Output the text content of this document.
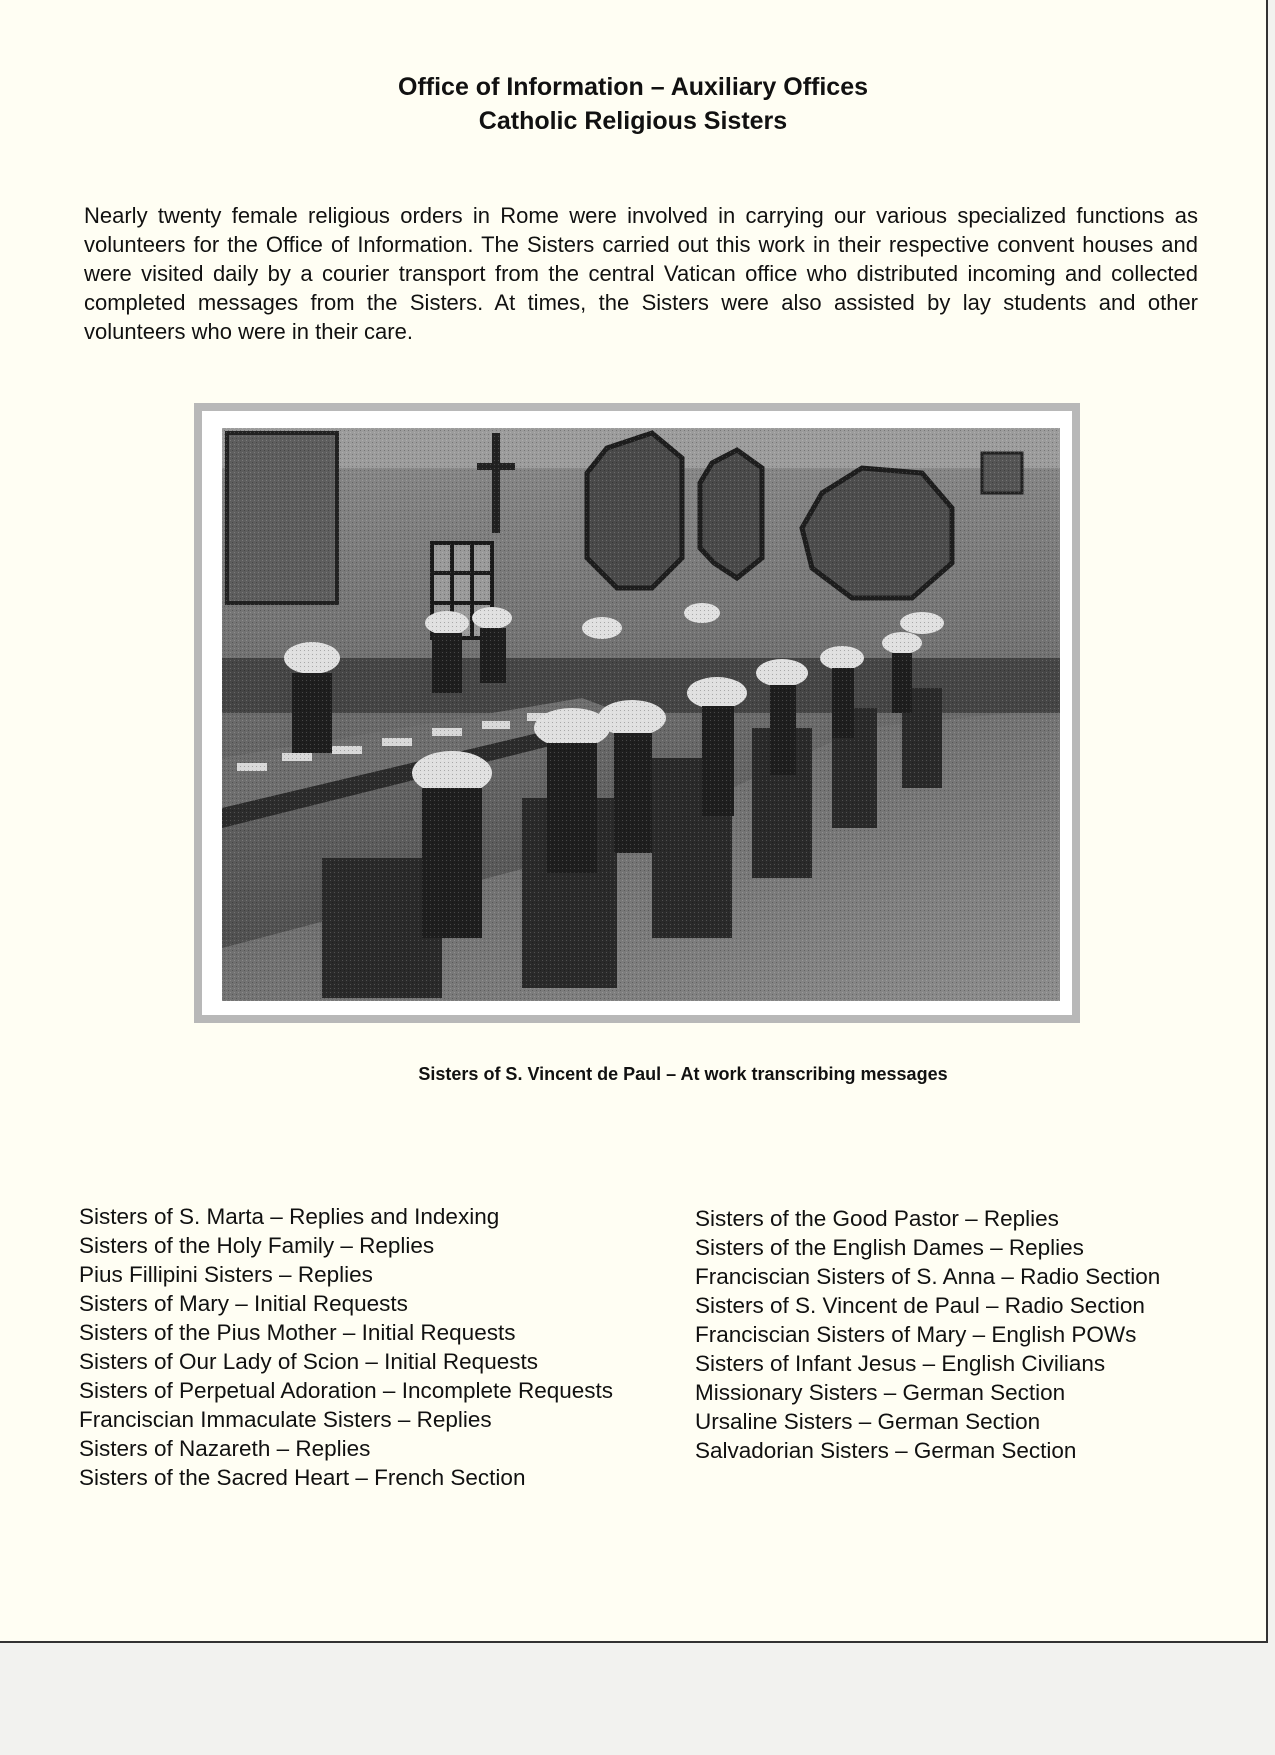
Office of Information – Auxiliary Offices
Catholic Religious Sisters

Nearly twenty female religious orders in Rome were involved in carrying our various specialized functions as volunteers for the Office of Information. The Sisters carried out this work in their respective convent houses and were visited daily by a courier transport from the central Vatican office who distributed incoming and collected completed messages from the Sisters. At times, the Sisters were also assisted by lay students and other volunteers who were in their care.

Sisters of S. Vincent de Paul – At work transcribing messages
Sisters of S. Marta – Replies and Indexing
Sisters of the Holy Family – Replies
Pius Fillipini Sisters – Replies
Sisters of Mary – Initial Requests
Sisters of the Pius Mother – Initial Requests
Sisters of Our Lady of Scion – Initial Requests
Sisters of Perpetual Adoration – Incomplete Requests
Franciscian Immaculate Sisters – Replies
Sisters of Nazareth – Replies
Sisters of the Sacred Heart – French Section
Sisters of the Good Pastor – Replies
Sisters of the English Dames – Replies
Franciscian Sisters of S. Anna – Radio Section
Sisters of S. Vincent de Paul – Radio Section
Franciscian Sisters of Mary – English POWs
Sisters of Infant Jesus – English Civilians
Missionary Sisters – German Section
Ursaline Sisters – German Section
Salvadorian Sisters – German Section
